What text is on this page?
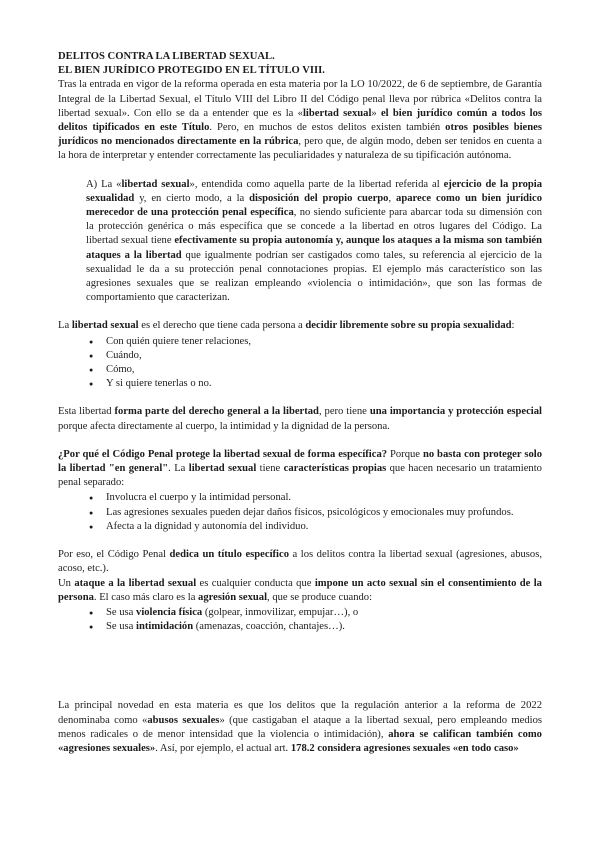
DELITOS CONTRA LA LIBERTAD SEXUAL.
EL BIEN JURÍDICO PROTEGIDO EN EL TÍTULO VIII.

Tras la entrada en vigor de la reforma operada en esta materia por la LO 10/2022, de 6 de septiembre, de Garantía Integral de la Libertad Sexual, el Título VIII del Libro II del Código penal lleva por rúbrica «Delitos contra la libertad sexual». Con ello se da a entender que es la «libertad sexual» el bien jurídico común a todos los delitos tipificados en este Título. Pero, en muchos de estos delitos existen también otros posibles bienes jurídicos no mencionados directamente en la rúbrica, pero que, de algún modo, deben ser tenidos en cuenta a la hora de interpretar y entender correctamente las peculiaridades y naturaleza de su tipificación autónoma.

A) La «libertad sexual», entendida como aquella parte de la libertad referida al ejercicio de la propia sexualidad y, en cierto modo, a la disposición del propio cuerpo, aparece como un bien jurídico merecedor de una protección penal específica, no siendo suficiente para abarcar toda su dimensión con la protección genérica o más específica que se concede a la libertad en otros lugares del Código. La libertad sexual tiene efectivamente su propia autonomía y, aunque los ataques a la misma son también ataques a la libertad que igualmente podrían ser castigados como tales, su referencia al ejercicio de la sexualidad le da a su protección penal connotaciones propias. El ejemplo más característico son las agresiones sexuales que se realizan empleando «violencia o intimidación», que son las formas de comportamiento que caracterizan.

La libertad sexual es el derecho que tiene cada persona a decidir libremente sobre su propia sexualidad:

● Con quién quiere tener relaciones,
● Cuándo,
● Cómo,
● Y si quiere tenerlas o no.

Esta libertad forma parte del derecho general a la libertad, pero tiene una importancia y protección especial porque afecta directamente al cuerpo, la intimidad y la dignidad de la persona.

¿Por qué el Código Penal protege la libertad sexual de forma específica? Porque no basta con proteger solo la libertad "en general". La libertad sexual tiene características propias que hacen necesario un tratamiento penal separado:

● Involucra el cuerpo y la intimidad personal.
● Las agresiones sexuales pueden dejar daños físicos, psicológicos y emocionales muy profundos.
● Afecta a la dignidad y autonomía del individuo.

Por eso, el Código Penal dedica un título específico a los delitos contra la libertad sexual (agresiones, abusos, acoso, etc.).

Un ataque a la libertad sexual es cualquier conducta que impone un acto sexual sin el consentimiento de la persona. El caso más claro es la agresión sexual, que se produce cuando:

● Se usa violencia física (golpear, inmovilizar, empujar…), o
● Se usa intimidación (amenazas, coacción, chantajes…).

La principal novedad en esta materia es que los delitos que la regulación anterior a la reforma de 2022 denominaba como «abusos sexuales» (que castigaban el ataque a la libertad sexual, pero empleando medios menos radicales o de menor intensidad que la violencia o intimidación), ahora se califican también como «agresiones sexuales». Así, por ejemplo, el actual art. 178.2 considera agresiones sexuales «en todo caso»
